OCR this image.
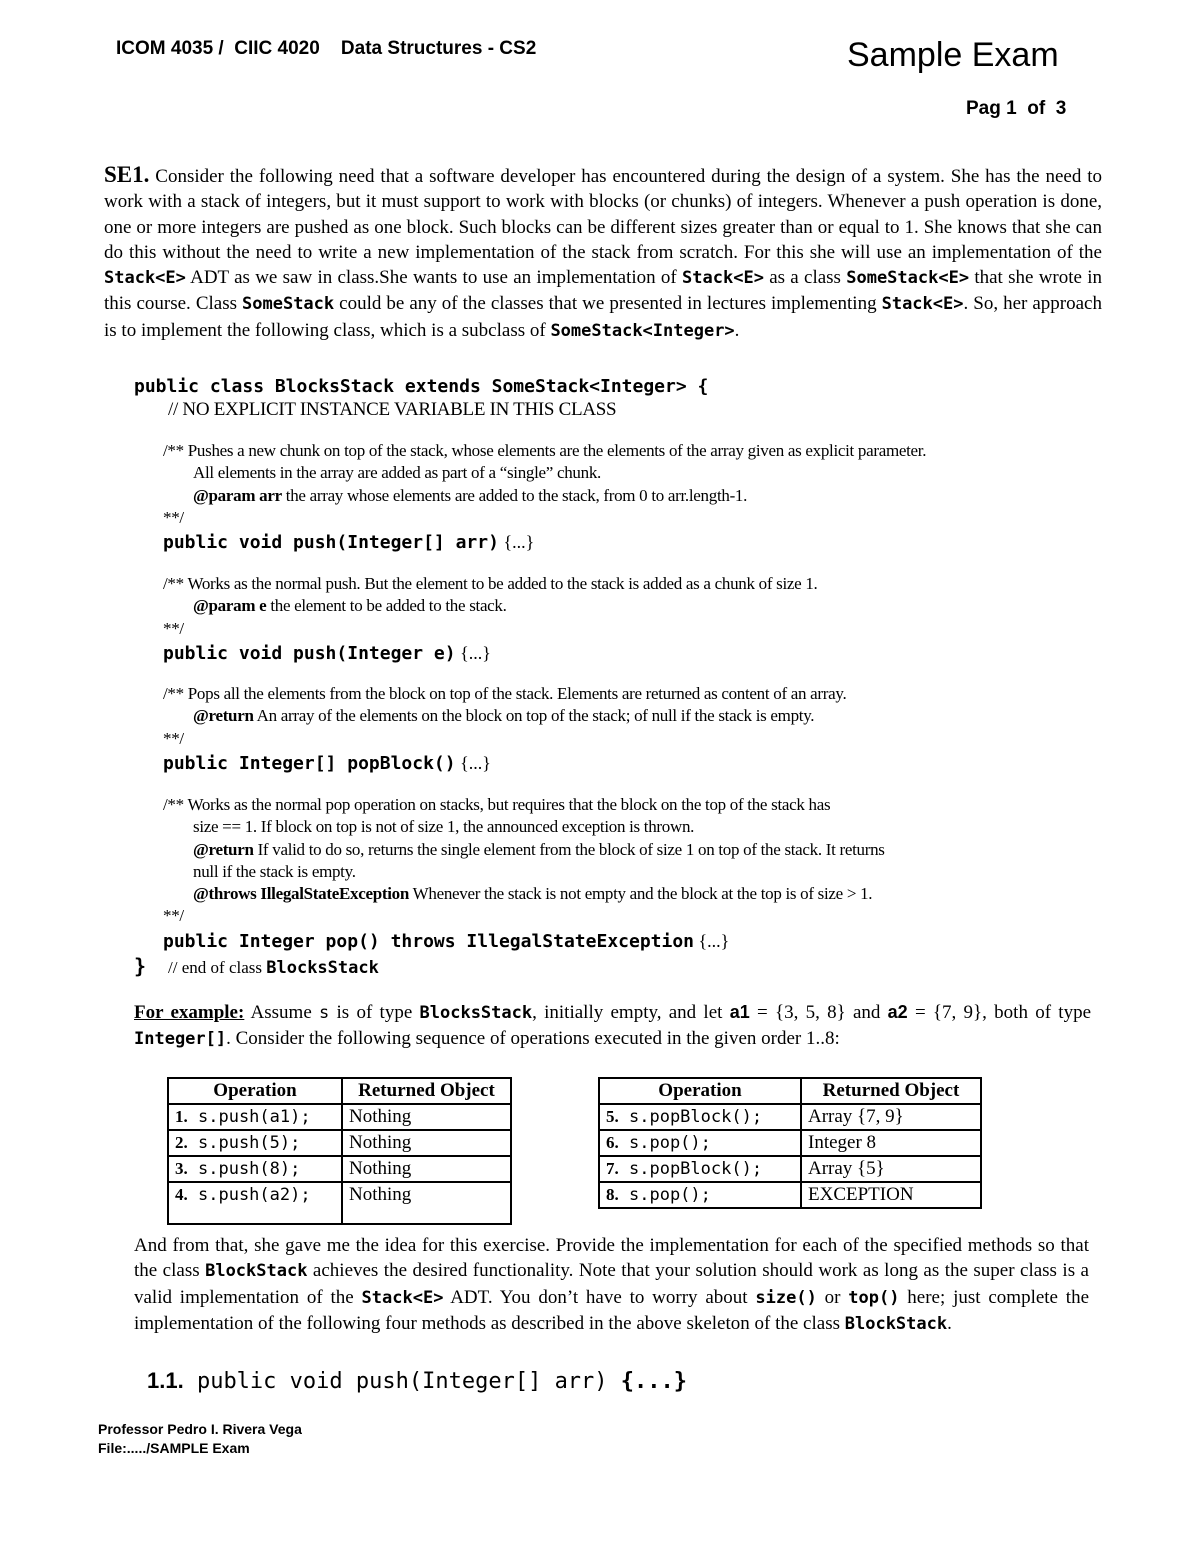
ICOM 4035 /  CIIC 4020    Data Structures - CS2	Sample Exam
Pag 1  of  3
SE1. Consider the following need that a software developer has encountered during the design of a system. She has the need to work with a stack of integers, but it must support to work with blocks (or chunks) of integers. Whenever a push operation is done, one or more integers are pushed as one block. Such blocks can be different sizes greater than or equal to 1. She knows that she can do this without the need to write a new implementation of the stack from scratch. For this she will use an implementation of the Stack<E> ADT as we saw in class.She wants to use an implementation of Stack<E> as a class SomeStack<E> that she wrote in this course. Class SomeStack could be any of the classes that we presented in lectures implementing Stack<E>. So, her approach is to implement the following class, which is a subclass of SomeStack<Integer>.
public class BlocksStack extends SomeStack<Integer> {
// NO EXPLICIT INSTANCE VARIABLE IN THIS CLASS
/** Pushes a new chunk on top of the stack, whose elements are the elements of the array given as explicit parameter.
All elements in the array are added as part of a “single” chunk.
@param arr the array whose elements are added to the stack, from 0 to arr.length-1.
**/
public void push(Integer[] arr) {...}
/** Works as the normal push. But the element to be added to the stack is added as a chunk of size 1.
@param e the element to be added to the stack.
**/
public void push(Integer e) {...}
/** Pops all the elements from the block on top of the stack. Elements are returned as content of an array.
@return An array of the elements on the block on top of the stack; of null if the stack is empty.
**/
public Integer[] popBlock() {...}
/** Works as the normal pop operation on stacks, but requires that the block on the top of the stack has
size == 1. If block on top is not of size 1, the announced exception is thrown.
@return If valid to do so, returns the single element from the block of size 1 on top of the stack. It returns
null if the stack is empty.
@throws IllegalStateException Whenever the stack is not empty and the block at the top is of size > 1.
**/
public Integer pop() throws IllegalStateException {...}
} // end of class BlocksStack
For example: Assume s is of type BlocksStack, initially empty, and let a1 = {3, 5, 8} and a2 = {7, 9}, both of type Integer[]. Consider the following sequence of operations executed in the given order 1..8:
Operation	Returned Object
1. s.push(a1);	Nothing
2. s.push(5);	Nothing
3. s.push(8);	Nothing
4. s.push(a2);	Nothing
Operation	Returned Object
5. s.popBlock();	Array {7, 9}
6. s.pop();	Integer 8
7. s.popBlock();	Array {5}
8. s.pop();	EXCEPTION
And from that, she gave me the idea for this exercise. Provide the implementation for each of the specified methods so that the class BlockStack achieves the desired functionality. Note that your solution should work as long as the super class is a valid implementation of the Stack<E> ADT. You don’t have to worry about size() or top() here; just complete the implementation of the following four methods as described in the above skeleton of the class BlockStack.
1.1. public void push(Integer[] arr) {...}
Professor Pedro I. Rivera Vega
File:...../SAMPLE Exam
